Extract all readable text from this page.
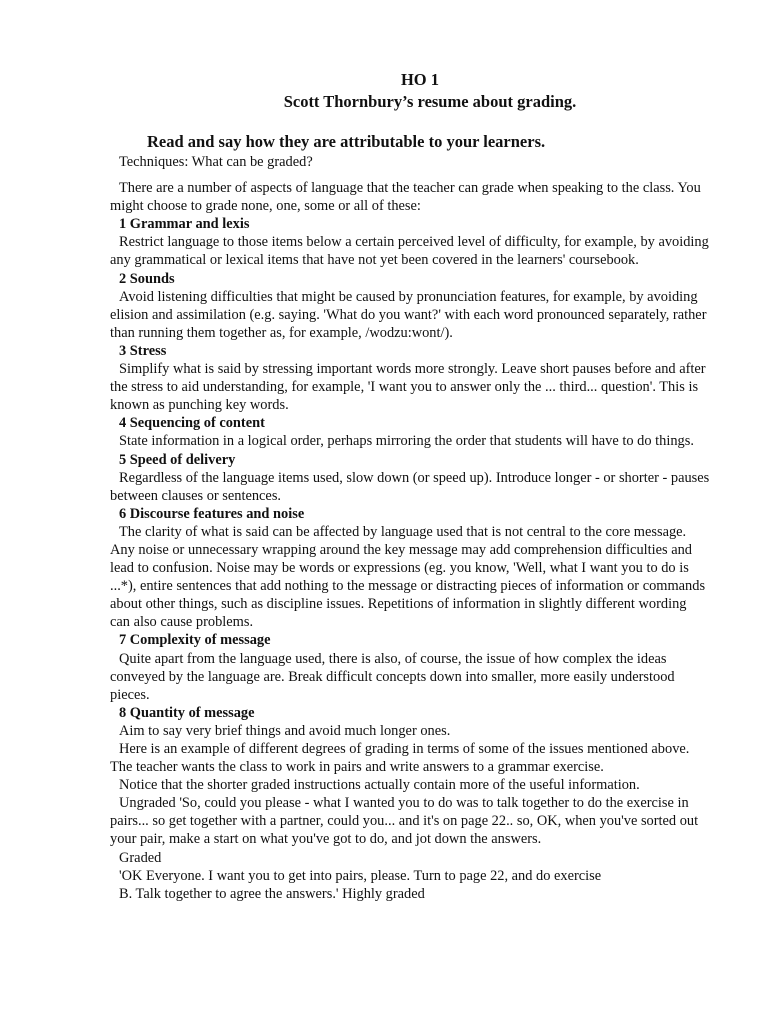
HO 1
Scott Thornbury’s resume about grading.
Read and say how they are attributable to your learners.

Techniques: What can be graded?

There are a number of aspects of language that the teacher can grade when speaking to the class. You might choose to grade none, one, some or all of these:

1 Grammar and lexis

Restrict language to those items below a certain perceived level of difficulty, for example, by avoiding any grammatical or lexical items that have not yet been covered in the learners' coursebook.

2 Sounds

Avoid listening difficulties that might be caused by pronunciation features, for example, by avoiding elision and assimilation (e.g. saying. 'What do you want?' with each word pronounced separately, rather than running them together as, for example, /wodzu:wont/).

3 Stress

Simplify what is said by stressing important words more strongly. Leave short pauses before and after the stress to aid understanding, for example, 'I want you to answer only the ... third... question'. This is known as punching key words.

4 Sequencing of content

State information in a logical order, perhaps mirroring the order that students will have to do things.

5 Speed of delivery

Regardless of the language items used, slow down (or speed up). Introduce longer - or shorter - pauses between clauses or sentences.

6 Discourse features and noise

The clarity of what is said can be affected by language used that is not central to the core message. Any noise or unnecessary wrapping around the key message may add comprehension difficulties and lead to confusion. Noise may be words or expressions (eg. you know, 'Well, what I want you to do is ...*), entire sentences that add nothing to the message or distracting pieces of information or commands about other things, such as discipline issues. Repetitions of information in slightly different wording can also cause problems.

7 Complexity of message

Quite apart from the language used, there is also, of course, the issue of how complex the ideas conveyed by the language are. Break difficult concepts down into smaller, more easily understood pieces.

8 Quantity of message

Aim to say very brief things and avoid much longer ones.

Here is an example of different degrees of grading in terms of some of the issues mentioned above. The teacher wants the class to work in pairs and write answers to a grammar exercise.

Notice that the shorter graded instructions actually contain more of the useful information.

Ungraded 'So, could you please - what I wanted you to do was to talk together to do the exercise in pairs... so get together with a partner, could you... and it's on page 22.. so, OK, when you've sorted out your pair, make a start on what you've got to do, and jot down the answers.

Graded

'OK Everyone. I want you to get into pairs, please. Turn to page 22, and do exercise

B. Talk together to agree the answers.' Highly graded
